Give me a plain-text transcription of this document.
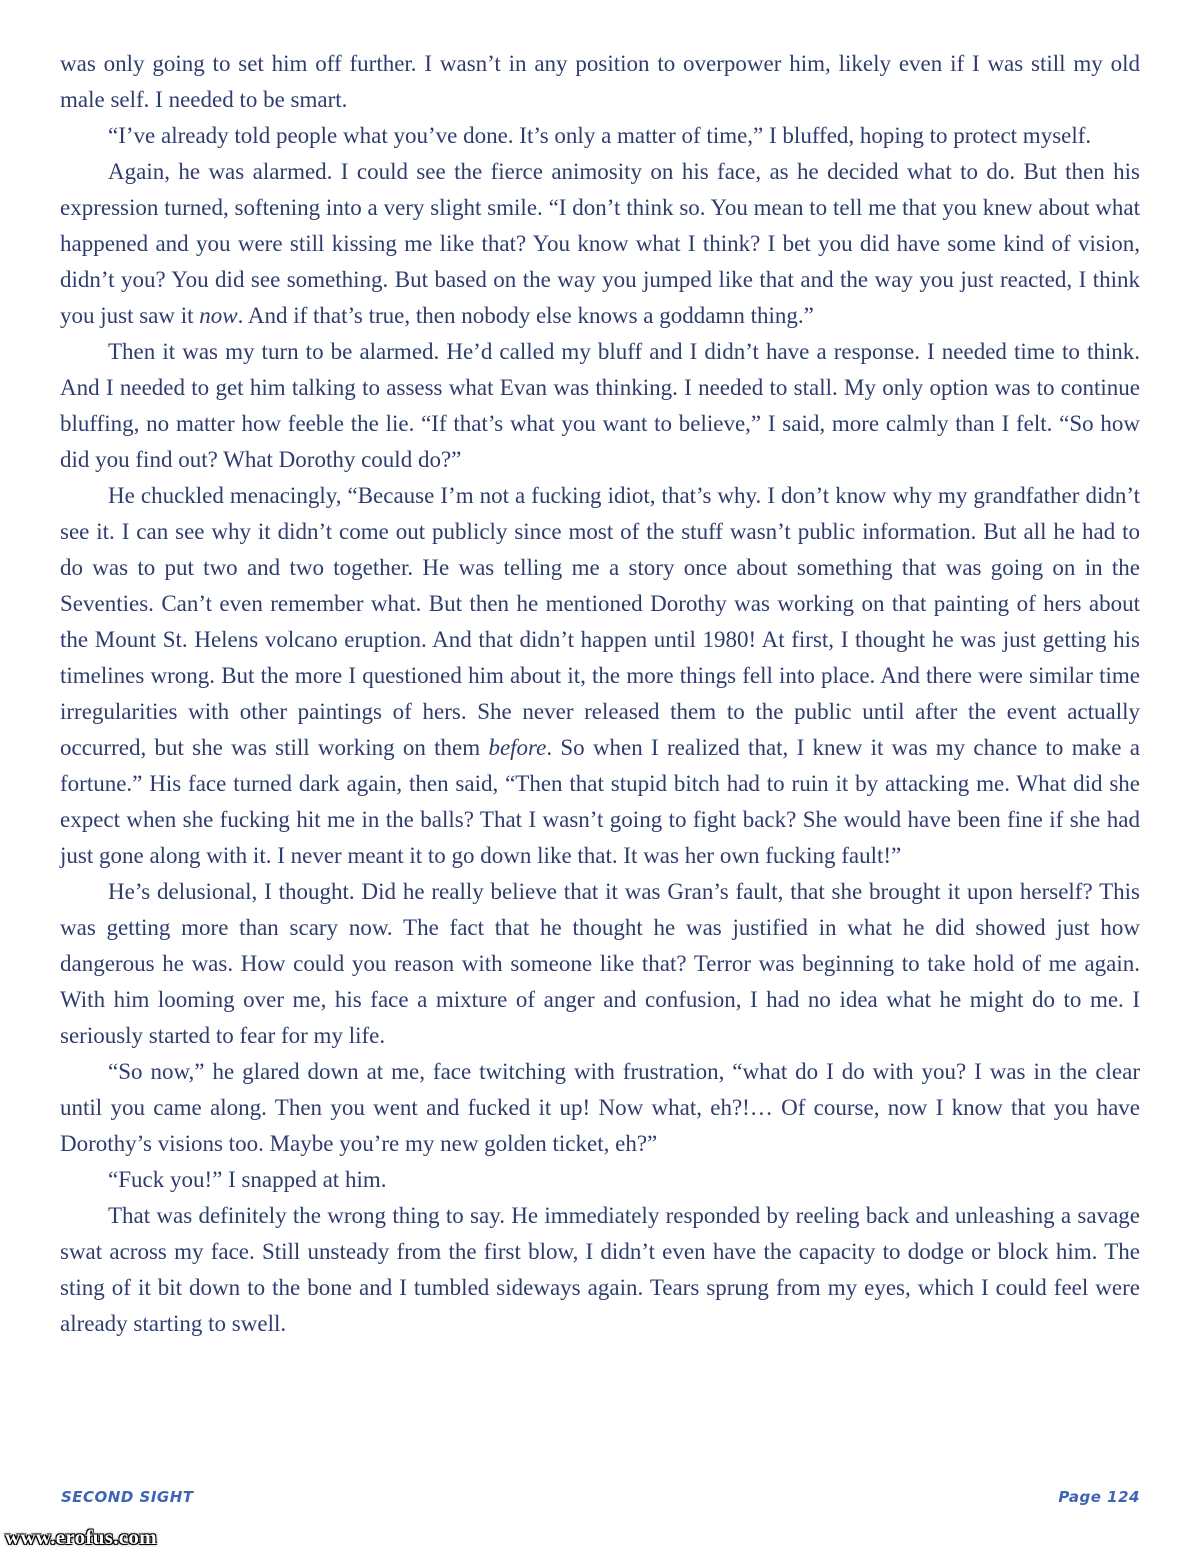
was only going to set him off further. I wasn’t in any position to overpower him, likely even if I was still my old male self. I needed to be smart.

“I’ve already told people what you’ve done. It’s only a matter of time,” I bluffed, hoping to protect myself.

Again, he was alarmed. I could see the fierce animosity on his face, as he decided what to do. But then his expression turned, softening into a very slight smile. “I don’t think so. You mean to tell me that you knew about what happened and you were still kissing me like that? You know what I think? I bet you did have some kind of vision, didn’t you? You did see something. But based on the way you jumped like that and the way you just reacted, I think you just saw it now. And if that’s true, then nobody else knows a goddamn thing.”

Then it was my turn to be alarmed. He’d called my bluff and I didn’t have a response. I needed time to think. And I needed to get him talking to assess what Evan was thinking. I needed to stall. My only option was to continue bluffing, no matter how feeble the lie. “If that’s what you want to believe,” I said, more calmly than I felt. “So how did you find out? What Dorothy could do?”

He chuckled menacingly, “Because I’m not a fucking idiot, that’s why. I don’t know why my grandfather didn’t see it. I can see why it didn’t come out publicly since most of the stuff wasn’t public information. But all he had to do was to put two and two together. He was telling me a story once about something that was going on in the Seventies. Can’t even remember what. But then he mentioned Dorothy was working on that painting of hers about the Mount St. Helens volcano eruption. And that didn’t happen until 1980! At first, I thought he was just getting his timelines wrong. But the more I questioned him about it, the more things fell into place. And there were similar time irregularities with other paintings of hers. She never released them to the public until after the event actually occurred, but she was still working on them before. So when I realized that, I knew it was my chance to make a fortune.” His face turned dark again, then said, “Then that stupid bitch had to ruin it by attacking me. What did she expect when she fucking hit me in the balls? That I wasn’t going to fight back? She would have been fine if she had just gone along with it. I never meant it to go down like that. It was her own fucking fault!”

He’s delusional, I thought. Did he really believe that it was Gran’s fault, that she brought it upon herself? This was getting more than scary now. The fact that he thought he was justified in what he did showed just how dangerous he was. How could you reason with someone like that? Terror was beginning to take hold of me again. With him looming over me, his face a mixture of anger and confusion, I had no idea what he might do to me. I seriously started to fear for my life.

“So now,” he glared down at me, face twitching with frustration, “what do I do with you? I was in the clear until you came along. Then you went and fucked it up! Now what, eh?!… Of course, now I know that you have Dorothy’s visions too. Maybe you’re my new golden ticket, eh?”

“Fuck you!” I snapped at him.

That was definitely the wrong thing to say. He immediately responded by reeling back and unleashing a savage swat across my face. Still unsteady from the first blow, I didn’t even have the capacity to dodge or block him. The sting of it bit down to the bone and I tumbled sideways again. Tears sprung from my eyes, which I could feel were already starting to swell.

SECOND SIGHT	Page 124
www.erofus.com
